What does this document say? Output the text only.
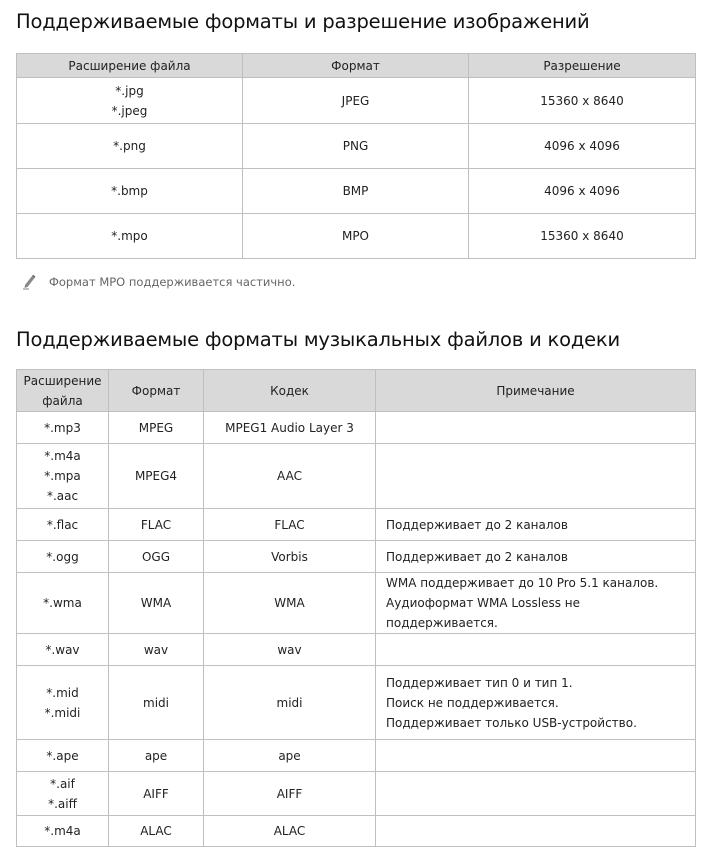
Поддерживаемые форматы и разрешение изображений
Расширение файла	Формат	Разрешение

*.jpg
*.jpeg	JPEG	15360 x 8640

*.png	PNG	4096 x 4096

*.bmp	BMP	4096 x 4096

*.mpo	MPO	15360 x 8640
Формат MPO поддерживается частично.
Поддерживаемые форматы музыкальных файлов и кодеки
Расширение файла	Формат	Кодек	Примечание

*.mp3	MPEG	MPEG1 Audio Layer 3	

*.m4a
*.mpa
*.aac	MPEG4	AAC	

*.flac	FLAC	FLAC	Поддерживает до 2 каналов

*.ogg	OGG	Vorbis	Поддерживает до 2 каналов

*.wma	WMA	WMA	WMA поддерживает до 10 Pro 5.1 каналов.
Аудиоформат WMA Lossless не поддерживается.

*.wav	wav	wav	

*.mid
*.midi	midi	midi	Поддерживает тип 0 и тип 1.
Поиск не поддерживается.
Поддерживает только USB-устройство.

*.ape	ape	ape	

*.aif
*.aiff	AIFF	AIFF	

*.m4a	ALAC	ALAC	
